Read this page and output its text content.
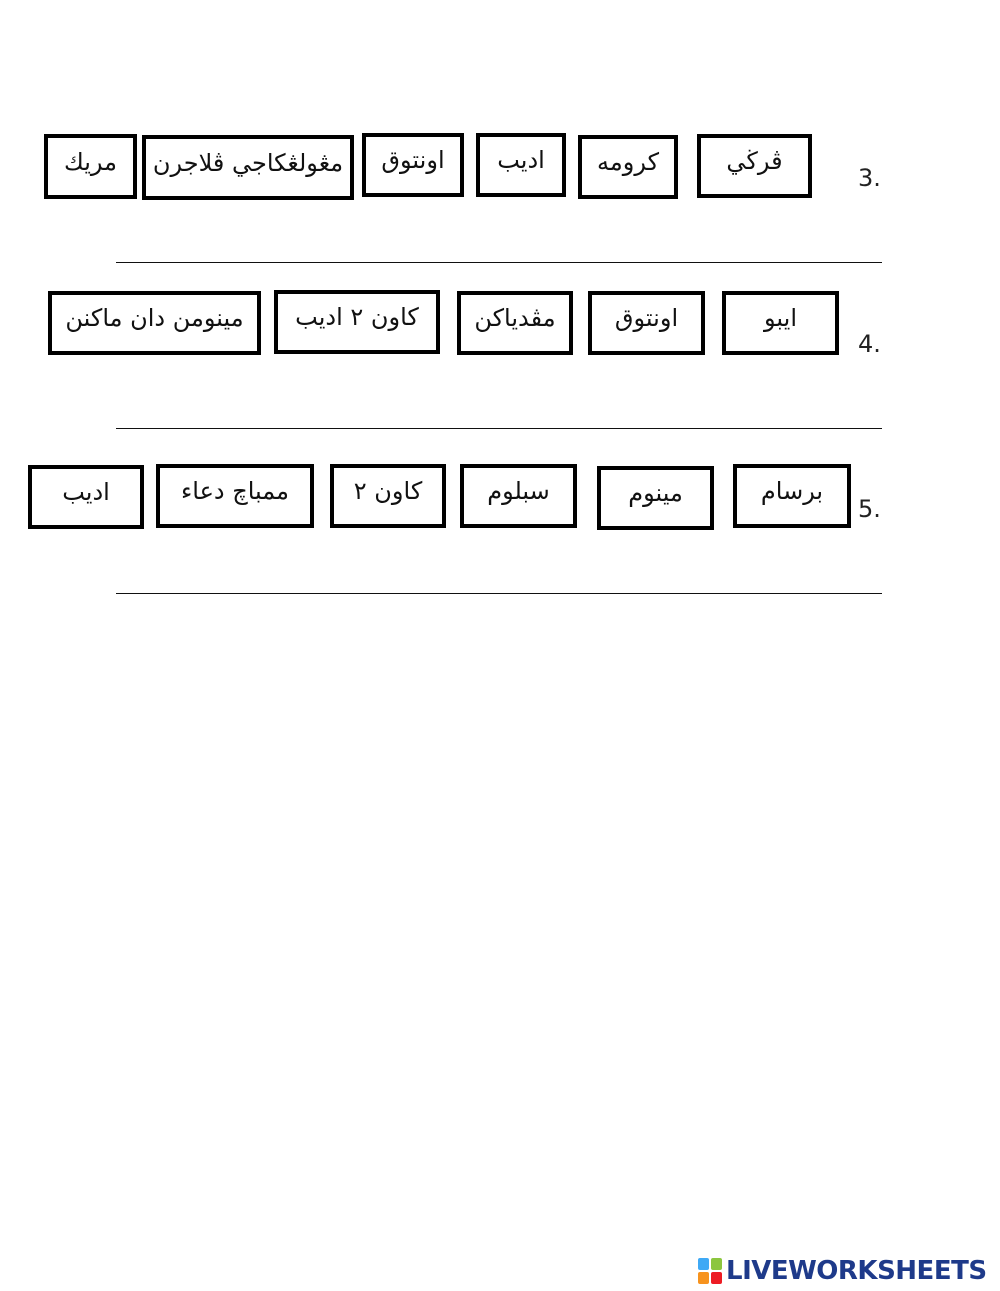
3.
ڤرڬي
كرومه
اديب
اونتوق
مڠولڠكاجي ڤلاجرن
مريك
4.
ايبو
اونتوق
مڤدياكن
كاون ٢ اديب
مينومن دان ماكنن
5.
برسام
مينوم
سبلوم
كاون ٢
ممباچ دعاء
اديب
LIVEWORKSHEETS
